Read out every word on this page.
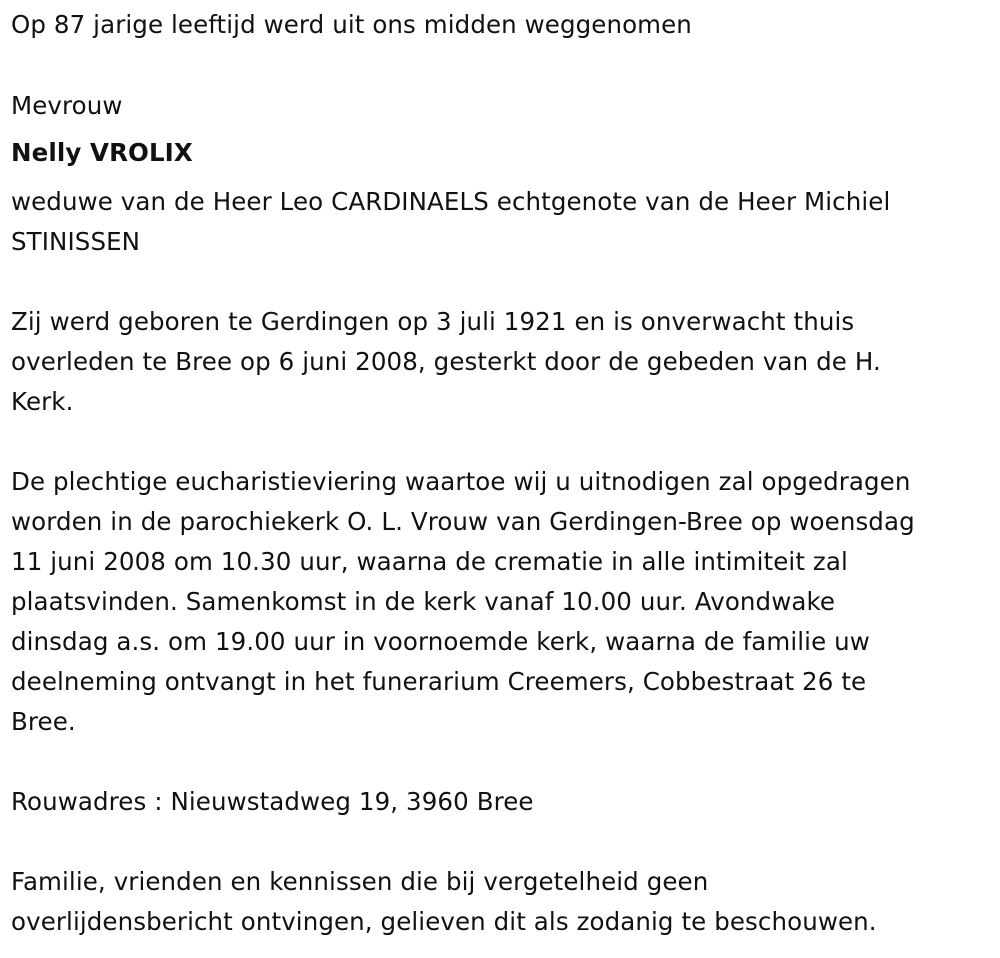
Op 87 jarige leeftijd werd uit ons midden weggenomen
Mevrouw
Nelly VROLIX
weduwe van de Heer Leo CARDINAELS echtgenote van de Heer Michiel
STINISSEN
Zij werd geboren te Gerdingen op 3 juli 1921 en is onverwacht thuis
overleden te Bree op 6 juni 2008, gesterkt door de gebeden van de H.
Kerk.
De plechtige eucharistieviering waartoe wij u uitnodigen zal opgedragen
worden in de parochiekerk O. L. Vrouw van Gerdingen-Bree op woensdag
11 juni 2008 om 10.30 uur, waarna de crematie in alle intimiteit zal
plaatsvinden. Samenkomst in de kerk vanaf 10.00 uur. Avondwake
dinsdag a.s. om 19.00 uur in voornoemde kerk, waarna de familie uw
deelneming ontvangt in het funerarium Creemers, Cobbestraat 26 te
Bree.
Rouwadres : Nieuwstadweg 19, 3960 Bree
Familie, vrienden en kennissen die bij vergetelheid geen
overlijdensbericht ontvingen, gelieven dit als zodanig te beschouwen.
